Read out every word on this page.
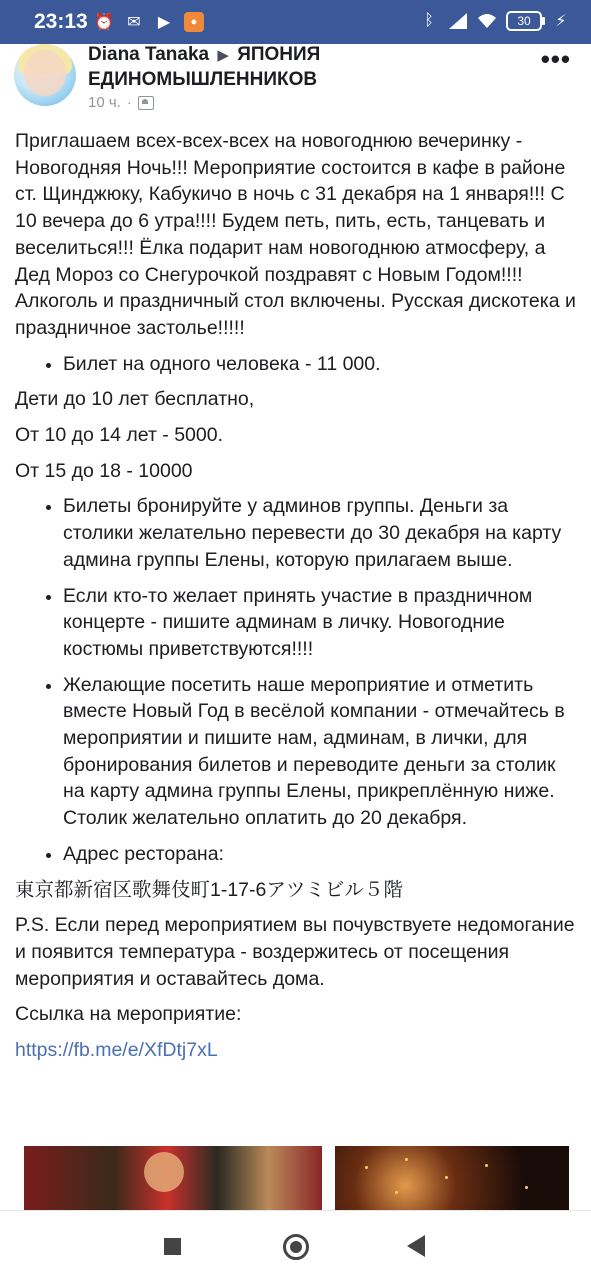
23:13 ⏰ ✉ ▶	●	ᛒ	30	⚡
Diana Tanaka ▶ ЯПОНИЯ ЕДИНОМЫШЛЕННИКОВ
10 ч. ·
•••

Приглашаем всех-всех-всех на новогоднюю вечеринку - Новогодняя Ночь!!! Мероприятие состоится в кафе в районе ст. Щинджюку, Кабукичо в ночь с 31 декабря на 1 января!!! С 10 вечера до 6 утра!!!! Будем петь, пить, есть, танцевать и веселиться!!! Ёлка подарит нам новогоднюю атмосферу, а Дед Мороз со Снегурочкой поздравят с Новым Годом!!!! Алкоголь и праздничный стол включены. Русская дискотека и праздничное застолье!!!!!

• Билет на одного человека - 11 000.

Дети до 10 лет бесплатно,

От 10 до 14 лет - 5000.

От 15 до 18 - 10000

• Билеты бронируйте у админов группы. Деньги за столики желательно перевести до 30 декабря на карту админа группы Елены, которую прилагаем выше.
• Если кто-то желает принять участие в праздничном концерте - пишите админам в личку. Новогодние костюмы приветствуются!!!!
• Желающие посетить наше мероприятие и отметить вместе Новый Год в весёлой компании - отмечайтесь в мероприятии и пишите нам, админам, в лички, для бронирования билетов и переводите деньги за столик на карту админа группы Елены, прикреплённую ниже. Столик желательно оплатить до 20 декабря.
• Адрес ресторана:

東京都新宿区歌舞伎町1-17-6アツミビル５階

P.S. Если перед мероприятием вы почувствуете недомогание и появится температура - воздержитесь от посещения мероприятия и оставайтесь дома.

Ссылка на мероприятие:

https://fb.me/e/XfDtj7xL
